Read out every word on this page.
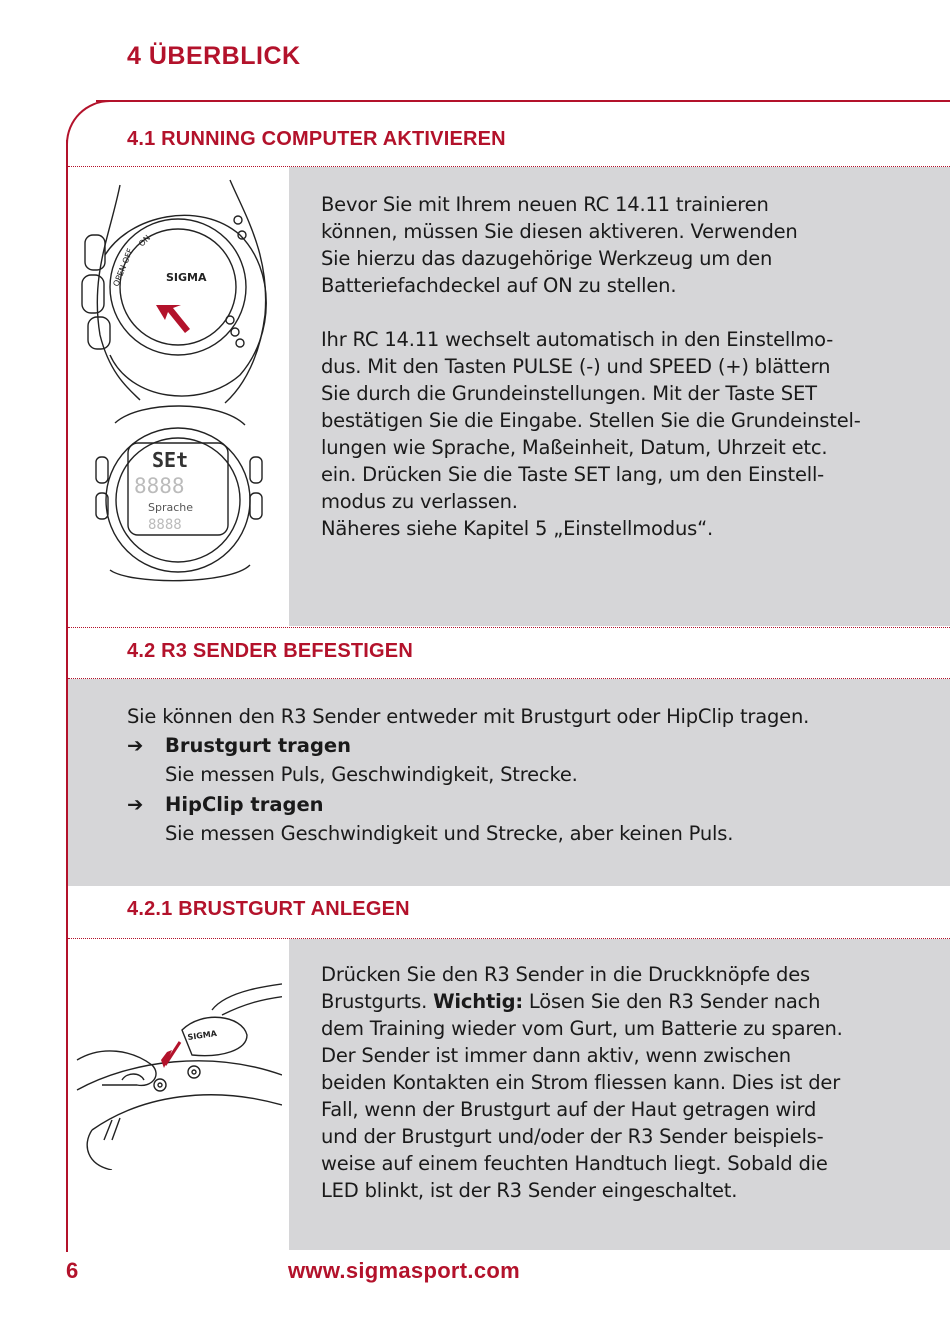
4 ÜBERBLICK
4.1 RUNNING COMPUTER AKTIVIEREN
SIGMA
OPEN OFF
ON
SEt
8888
Sprache
8888

Bevor Sie mit Ihrem neuen RC 14.11 trainieren

können, müssen Sie diesen aktiveren. Verwenden

Sie hierzu das dazugehörige Werkzeug um den

Batteriefachdeckel auf ON zu stellen.

Ihr RC 14.11 wechselt automatisch in den Einstellmo-

dus. Mit den Tasten PULSE (-) und SPEED (+) blättern

Sie durch die Grundeinstellungen. Mit der Taste SET

bestätigen Sie die Eingabe. Stellen Sie die Grundeinstel-

lungen wie Sprache, Maßeinheit, Datum, Uhrzeit etc.

ein. Drücken Sie die Taste SET lang, um den Einstell-

modus zu verlassen.

Näheres siehe Kapitel 5 „Einstellmodus“.

4.2 R3 SENDER BEFESTIGEN
Sie können den R3 Sender entweder mit Brustgurt oder HipClip tragen.
➔ Brustgurt tragen
Sie messen Puls, Geschwindigkeit, Strecke.
➔ HipClip tragen
Sie messen Geschwindigkeit und Strecke, aber keinen Puls.
4.2.1 BRUSTGURT ANLEGEN
SIGMA

Drücken Sie den R3 Sender in die Druckknöpfe des

Brustgurts. Wichtig: Lösen Sie den R3 Sender nach

dem Training wieder vom Gurt, um Batterie zu sparen.

Der Sender ist immer dann aktiv, wenn zwischen

beiden Kontakten ein Strom fliessen kann. Dies ist der

Fall, wenn der Brustgurt auf der Haut getragen wird

und der Brustgurt und/oder der R3 Sender beispiels-

weise auf einem feuchten Handtuch liegt. Sobald die

LED blinkt, ist der R3 Sender eingeschaltet.

6	www.sigmasport.com
